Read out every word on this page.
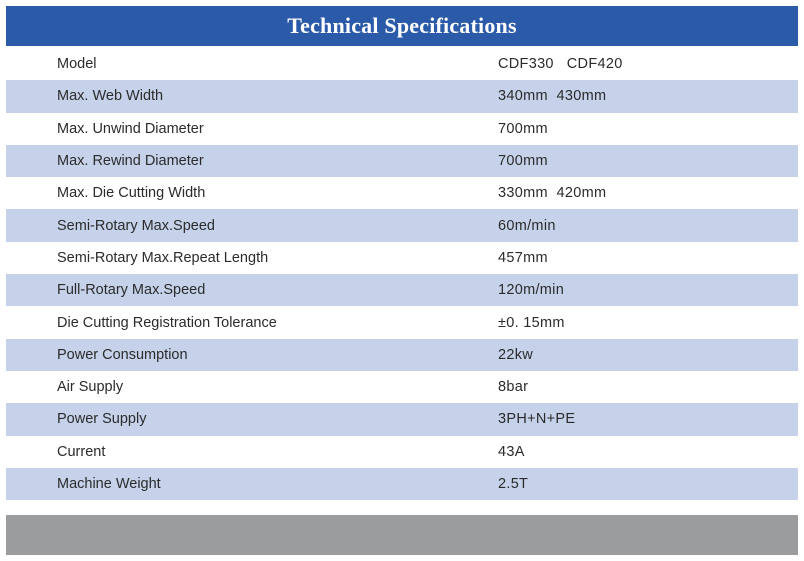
Technical Specifications
Model	CDF330   CDF420
Max. Web Width	340mm  430mm
Max. Unwind Diameter	700mm
Max. Rewind Diameter	700mm
Max. Die Cutting Width	330mm  420mm
Semi-Rotary Max.Speed	60m/min
Semi-Rotary Max.Repeat Length	457mm
Full-Rotary Max.Speed	120m/min
Die Cutting Registration Tolerance	±0. 15mm
Power Consumption	22kw
Air Supply	8bar
Power Supply	3PH+N+PE
Current	43A
Machine Weight	2.5T
